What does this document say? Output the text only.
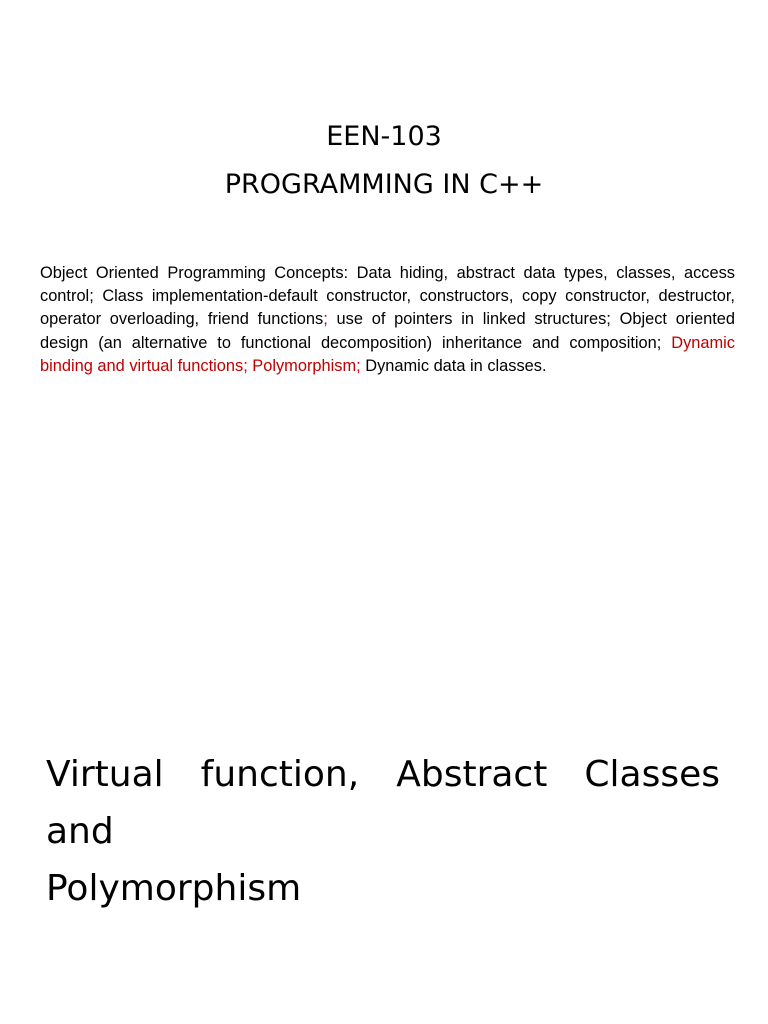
EEN-103
PROGRAMMING IN C++
Object Oriented Programming Concepts: Data hiding, abstract data types, classes, access control; Class implementation-default constructor, constructors, copy constructor, destructor, operator overloading, friend functions; use of pointers in linked structures; Object oriented design (an alternative to functional decomposition) inheritance and composition; Dynamic binding and virtual functions; Polymorphism; Dynamic data in classes.
Virtual function, Abstract Classes
and
Polymorphism
